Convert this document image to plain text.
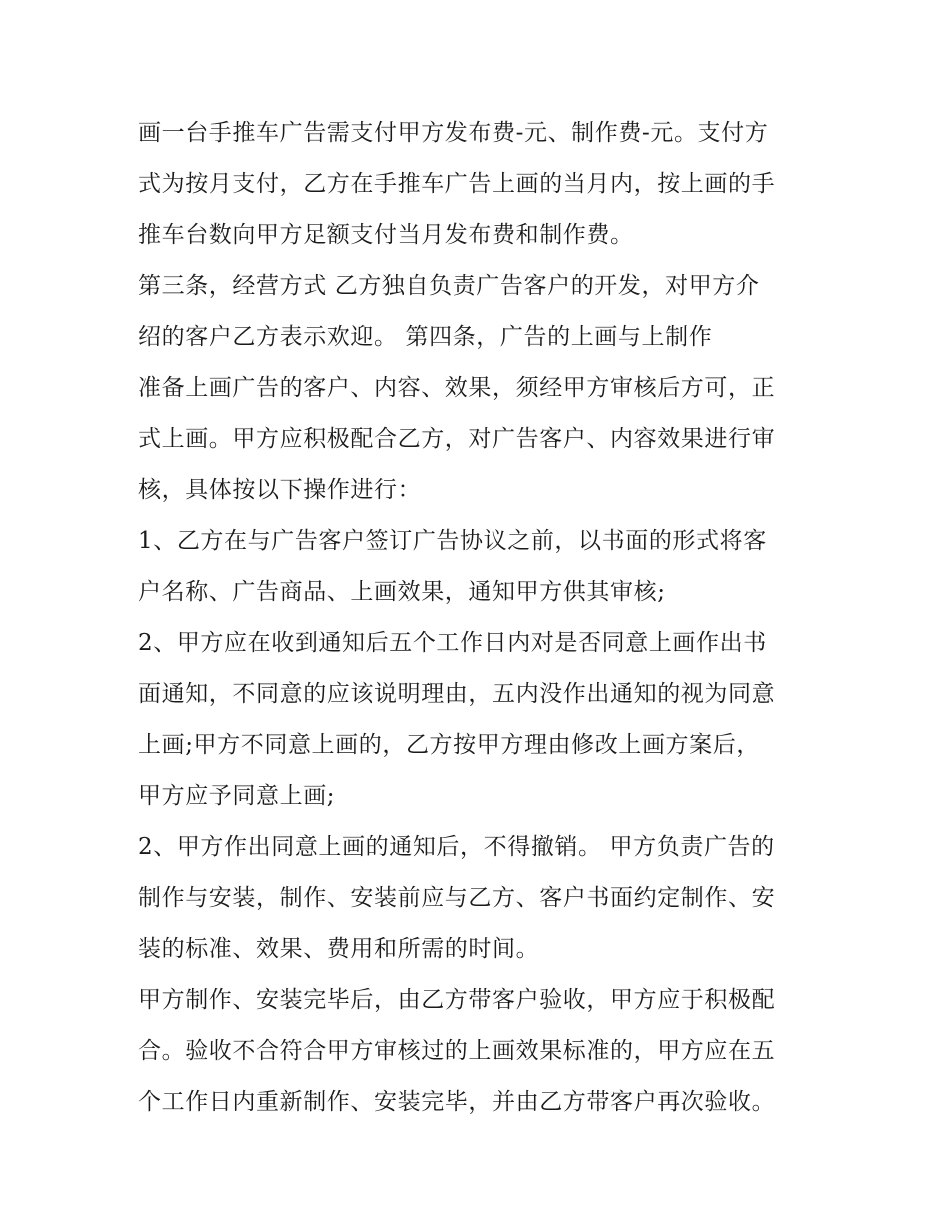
画一台手推车广告需支付甲方发布费-元、制作费-元。支付方
式为按月支付，乙方在手推车广告上画的当月内，按上画的手
推车台数向甲方足额支付当月发布费和制作费。
第三条，经营方式 乙方独自负责广告客户的开发，对甲方介
绍的客户乙方表示欢迎。 第四条，广告的上画与上制作
准备上画广告的客户、内容、效果，须经甲方审核后方可，正
式上画。甲方应积极配合乙方，对广告客户、内容效果进行审
核，具体按以下操作进行：
1、乙方在与广告客户签订广告协议之前，以书面的形式将客
户名称、广告商品、上画效果，通知甲方供其审核;
2、甲方应在收到通知后五个工作日内对是否同意上画作出书
面通知，不同意的应该说明理由，五内没作出通知的视为同意
上画;甲方不同意上画的，乙方按甲方理由修改上画方案后，
甲方应予同意上画;
2、甲方作出同意上画的通知后，不得撤销。 甲方负责广告的
制作与安装，制作、安装前应与乙方、客户书面约定制作、安
装的标准、效果、费用和所需的时间。
甲方制作、安装完毕后，由乙方带客户验收，甲方应于积极配
合。验收不合符合甲方审核过的上画效果标准的，甲方应在五
个工作日内重新制作、安装完毕，并由乙方带客户再次验收。
